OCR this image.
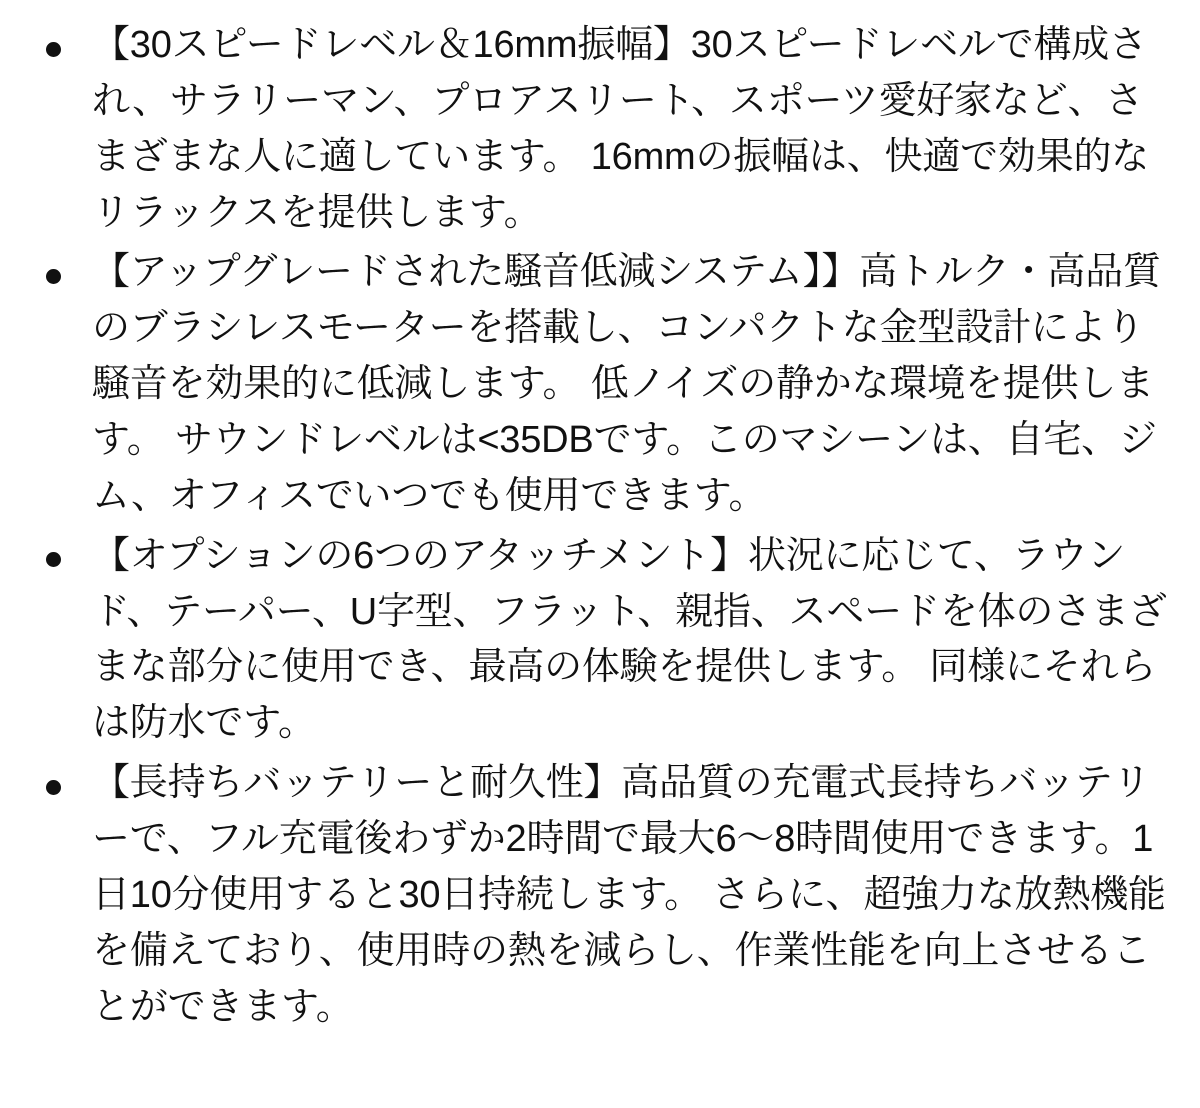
【30スピードレベル＆16mm振幅】30スピードレベルで構成され、サラリーマン、プロアスリート、スポーツ愛好家など、さまざまな人に適しています。 16mmの振幅は、快適で効果的なリラックスを提供します。
【アップグレードされた騒音低減システム】】高トルク・高品質のブラシレスモーターを搭載し、コンパクトな金型設計により騒音を効果的に低減します。 低ノイズの静かな環境を提供します。 サウンドレベルは<35DBです。このマシーンは、自宅、ジム、オフィスでいつでも使用できます。
【オプションの6つのアタッチメント】状況に応じて、ラウンド、テーパー、U字型、フラット、親指、スペードを体のさまざまな部分に使用でき、最高の体験を提供します。 同様にそれらは防水です。
【長持ちバッテリーと耐久性】高品質の充電式長持ちバッテリーで、フル充電後わずか2時間で最大6〜8時間使用できます。1日10分使用すると30日持続します。 さらに、超強力な放熱機能を備えており、使用時の熱を減らし、作業性能を向上させることができます。
